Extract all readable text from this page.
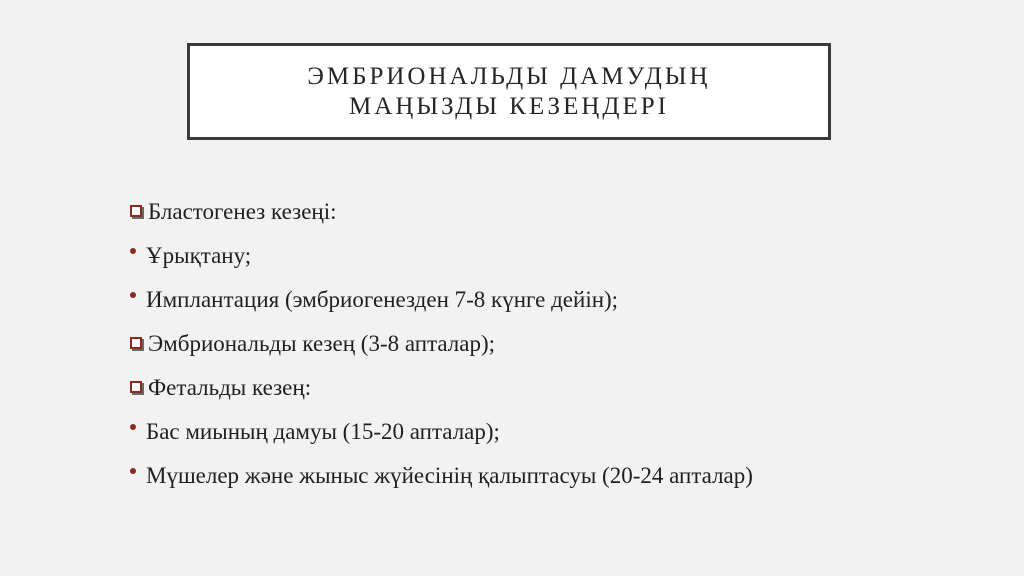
ЭМБРИОНАЛЬДЫ ДАМУДЫҢ
МАҢЫЗДЫ КЕЗЕҢДЕРІ
Бластогенез кезеңі:
Ұрықтану;
Имплантация (эмбриогенезден 7-8 күнге дейін);
Эмбриональды кезең (3-8 апталар);
Фетальды кезең:
Бас миының дамуы (15-20 апталар);
Мүшелер және жыныс жүйесінің қалыптасуы (20-24 апталар)
